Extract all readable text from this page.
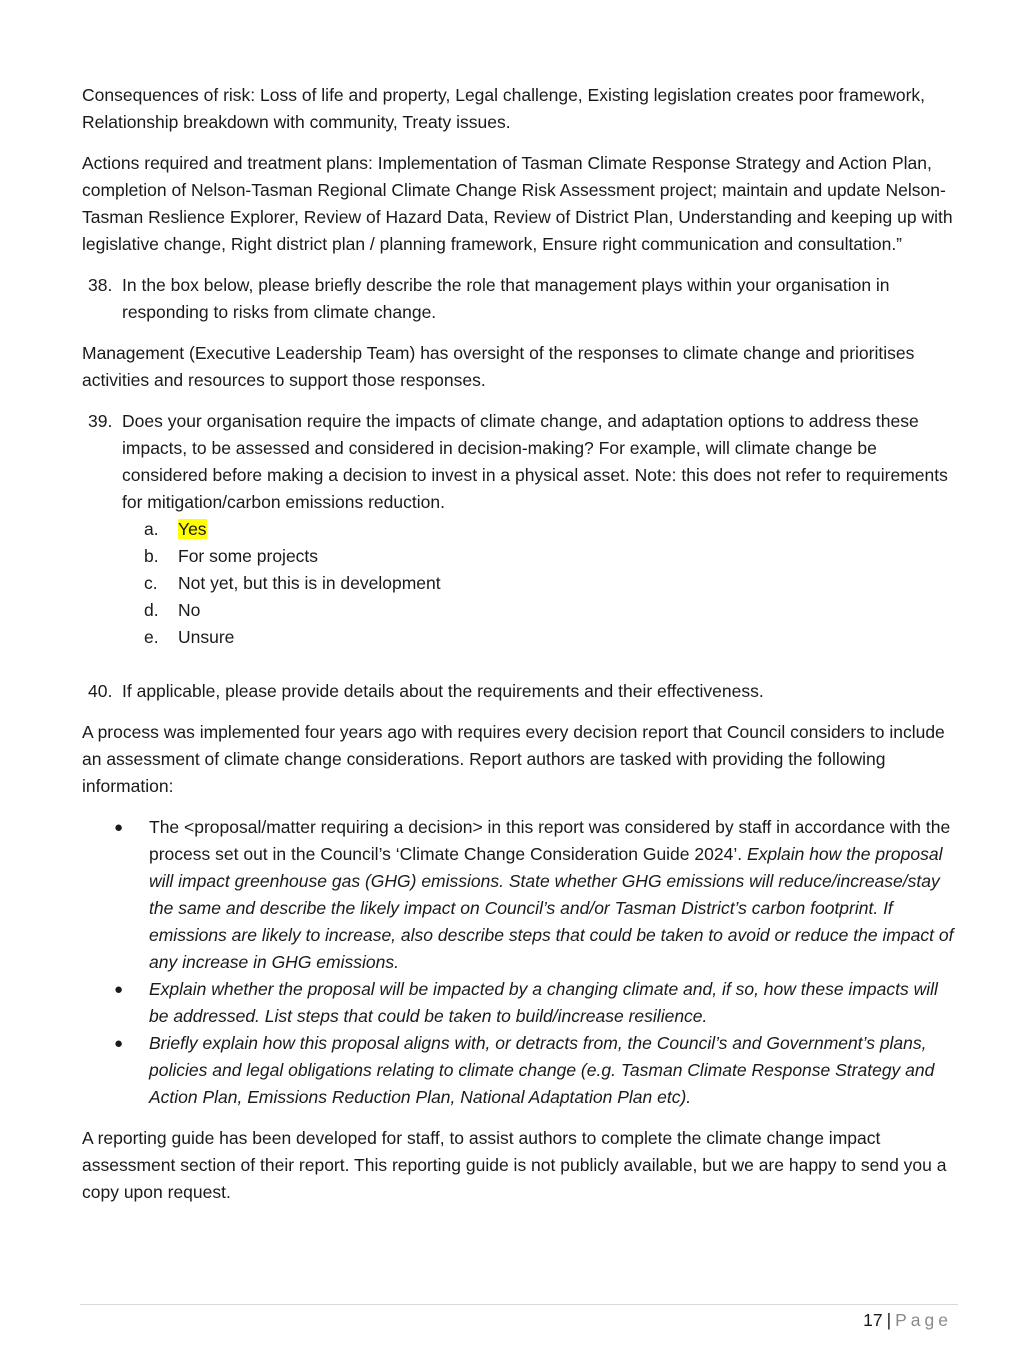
Consequences of risk: Loss of life and property, Legal challenge, Existing legislation creates poor framework, Relationship breakdown with community, Treaty issues.

Actions required and treatment plans: Implementation of Tasman Climate Response Strategy and Action Plan, completion of Nelson-Tasman Regional Climate Change Risk Assessment project; maintain and update Nelson-Tasman Reslience Explorer, Review of Hazard Data, Review of District Plan, Understanding and keeping up with legislative change, Right district plan / planning framework, Ensure right communication and consultation.”

38. In the box below, please briefly describe the role that management plays within your organisation in responding to risks from climate change.

Management (Executive Leadership Team) has oversight of the responses to climate change and prioritises activities and resources to support those responses.

39. Does your organisation require the impacts of climate change, and adaptation options to address these impacts, to be assessed and considered in decision-making? For example, will climate change be considered before making a decision to invest in a physical asset. Note: this does not refer to requirements for mitigation/carbon emissions reduction.
a.	Yes
b.	For some projects
c.	Not yet, but this is in development
d.	No
e.	Unsure
40. If applicable, please provide details about the requirements and their effectiveness.

A process was implemented four years ago with requires every decision report that Council considers to include an assessment of climate change considerations. Report authors are tasked with providing the following information:

●	The <proposal/matter requiring a decision> in this report was considered by staff in accordance with the process set out in the Council’s ‘Climate Change Consideration Guide 2024’. Explain how the proposal will impact greenhouse gas (GHG) emissions. State whether GHG emissions will reduce/increase/stay the same and describe the likely impact on Council’s and/or Tasman District’s carbon footprint. If emissions are likely to increase, also describe steps that could be taken to avoid or reduce the impact of any increase in GHG emissions.
●	Explain whether the proposal will be impacted by a changing climate and, if so, how these impacts will be addressed. List steps that could be taken to build/increase resilience.
●	Briefly explain how this proposal aligns with, or detracts from, the Council’s and Government’s plans, policies and legal obligations relating to climate change (e.g. Tasman Climate Response Strategy and Action Plan, Emissions Reduction Plan, National Adaptation Plan etc).

A reporting guide has been developed for staff, to assist authors to complete the climate change impact assessment section of their report. This reporting guide is not publicly available, but we are happy to send you a copy upon request.

17 | Page
